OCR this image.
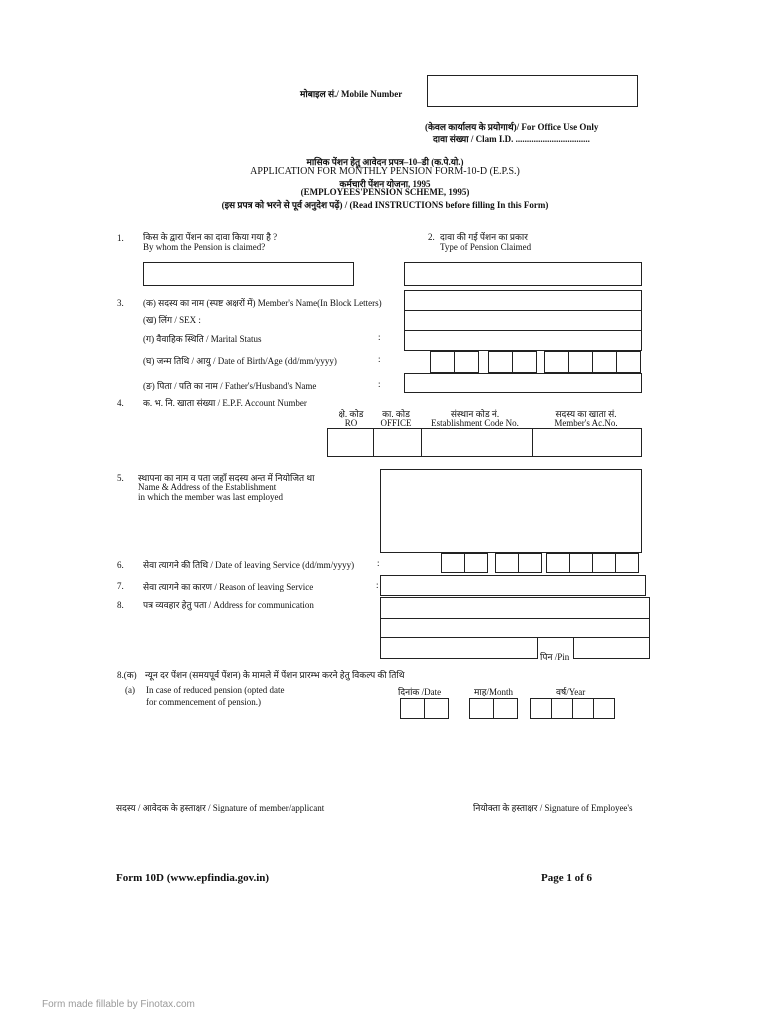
मोबाइल सं./ Mobile Number
(केवल कार्यालय के प्रयोगार्थ)/ For Office Use Only
दावा संख्या / Clam I.D. .................................
मासिक पेंशन हेतु आवेदन प्रपत्र–10–डी (क.पे.यो.)
APPLICATION FOR MONTHLY PENSION FORM-10-D (E.P.S.)
कर्मचारी पेंशन योजना, 1995
(EMPLOYEES'PENSION SCHEME, 1995)
(इस प्रपत्र को भरने से पूर्व अनुदेश पढ़ें) / (Read INSTRUCTIONS before filling In this Form)
1. किस के द्वारा पेंशन का दावा किया गया है ?
By whom the Pension is claimed?
2. दावा की गई पेंशन का प्रकार
Type of Pension Claimed
3. (क) सदस्य का नाम (स्पष्ट अक्षरों में) Member's Name(In Block Letters)
(ख) लिंग / SEX :
(ग) वैवाहिक स्थिति / Marital Status	:
(घ) जन्म तिथि / आयु / Date of Birth/Age (dd/mm/yyyy)	:
(ङ) पिता / पति का नाम / Father's/Husband's Name	:
4. क. भ. नि. खाता संख्या / E.P.F. Account Number
क्षे. कोड
RO
का. कोड
OFFICE
संस्थान कोड नं.
Establishment Code No.
सदस्य का खाता सं.
Member's Ac.No.
5. स्थापना का नाम व पता जहाँ सदस्य अन्त में नियोजित था
Name & Address of the Establishment
in which the member was last employed
6. सेवा त्यागने की तिथि / Date of leaving Service (dd/mm/yyyy)	:
7. सेवा त्यागने का कारण / Reason of leaving Service	:
8. पत्र व्यवहार हेतु पता / Address for communication
पिन /Pin
8.(क) न्यून दर पेंशन (समयपूर्व पेंशन) के मामले में पेंशन प्रारम्भ करने हेतु विकल्प की तिथि
(a) In case of reduced pension (opted date
for commencement of pension.)
दिनांक /Date	माह/Month	वर्ष/Year
सदस्य / आवेदक के हस्ताक्षर / Signature of member/applicant	नियोक्ता के हस्ताक्षर / Signature of Employee's
Form 10D (www.epfindia.gov.in)	Page 1 of 6
Form made fillable by Finotax.com
